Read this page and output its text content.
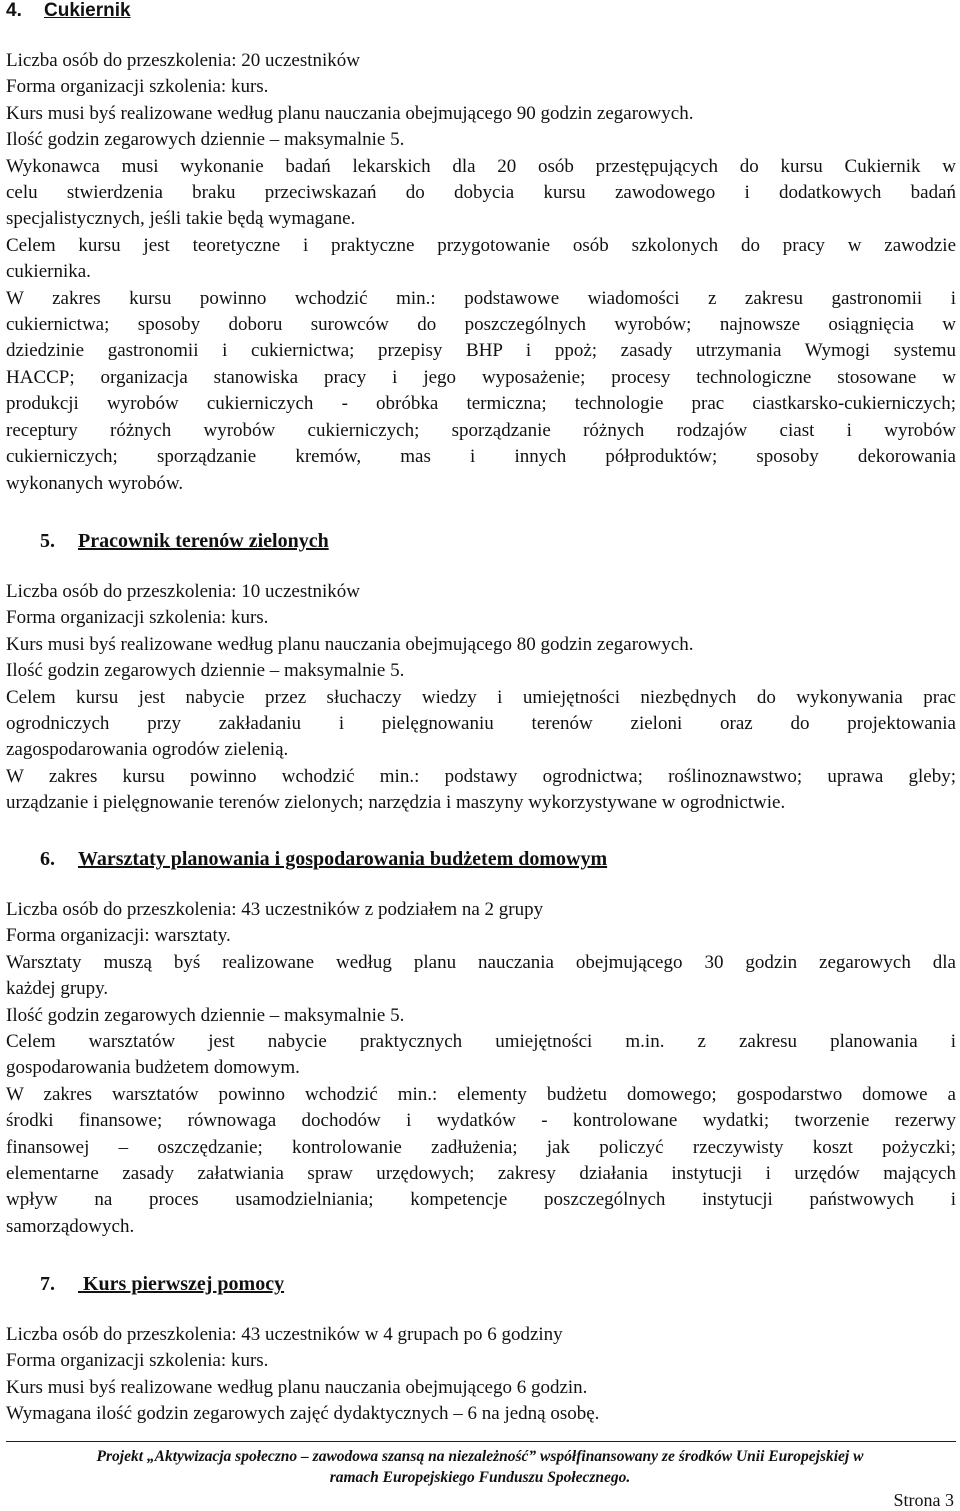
4. Cukiernik
Liczba osób do przeszkolenia: 20 uczestników
Forma organizacji szkolenia: kurs.
Kurs musi byś realizowane według planu nauczania obejmującego 90 godzin zegarowych.
Ilość godzin zegarowych dziennie – maksymalnie 5.
Wykonawca musi wykonanie badań lekarskich dla 20 osób przestępujących do kursu Cukiernik w
celu stwierdzenia braku przeciwskazań do dobycia kursu zawodowego i dodatkowych badań
specjalistycznych, jeśli takie będą wymagane.
Celem kursu jest teoretyczne i praktyczne przygotowanie osób szkolonych do pracy w zawodzie
cukiernika.
W zakres kursu powinno wchodzić min.: podstawowe wiadomości z zakresu gastronomii i
cukiernictwa; sposoby doboru surowców do poszczególnych wyrobów; najnowsze osiągnięcia w
dziedzinie gastronomii i cukiernictwa; przepisy BHP i ppoż; zasady utrzymania Wymogi systemu
HACCP; organizacja stanowiska pracy i jego wyposażenie; procesy technologiczne stosowane w
produkcji wyrobów cukierniczych - obróbka termiczna; technologie prac ciastkarsko-cukierniczych;
receptury różnych wyrobów cukierniczych; sporządzanie różnych rodzajów ciast i wyrobów
cukierniczych; sporządzanie kremów, mas i innych półproduktów; sposoby dekorowania
wykonanych wyrobów.
5. Pracownik terenów zielonych
Liczba osób do przeszkolenia: 10 uczestników
Forma organizacji szkolenia: kurs.
Kurs musi byś realizowane według planu nauczania obejmującego 80 godzin zegarowych.
Ilość godzin zegarowych dziennie – maksymalnie 5.
Celem kursu jest nabycie przez słuchaczy wiedzy i umiejętności niezbędnych do wykonywania prac
ogrodniczych przy zakładaniu i pielęgnowaniu terenów zieloni oraz do projektowania
zagospodarowania ogrodów zielenią.
W zakres kursu powinno wchodzić min.: podstawy ogrodnictwa; roślinoznawstwo; uprawa gleby;
urządzanie i pielęgnowanie terenów zielonych; narzędzia i maszyny wykorzystywane w ogrodnictwie.
6. Warsztaty planowania i gospodarowania budżetem domowym
Liczba osób do przeszkolenia: 43 uczestników z podziałem na 2 grupy
Forma organizacji: warsztaty.
Warsztaty muszą byś realizowane według planu nauczania obejmującego 30 godzin zegarowych dla
każdej grupy.
Ilość godzin zegarowych dziennie – maksymalnie 5.
Celem warsztatów jest nabycie praktycznych umiejętności m.in. z zakresu planowania i
gospodarowania budżetem domowym.
W zakres warsztatów powinno wchodzić min.: elementy budżetu domowego; gospodarstwo domowe a
środki finansowe; równowaga dochodów i wydatków - kontrolowane wydatki; tworzenie rezerwy
finansowej – oszczędzanie; kontrolowanie zadłużenia; jak policzyć rzeczywisty koszt pożyczki;
elementarne zasady załatwiania spraw urzędowych; zakresy działania instytucji i urzędów mających
wpływ na proces usamodzielniania; kompetencje poszczególnych instytucji państwowych i
samorządowych.
7. Kurs pierwszej pomocy
Liczba osób do przeszkolenia: 43 uczestników w 4 grupach po 6 godziny
Forma organizacji szkolenia: kurs.
Kurs musi byś realizowane według planu nauczania obejmującego 6 godzin.
Wymagana ilość godzin zegarowych zajęć dydaktycznych – 6 na jedną osobę.
Projekt „Aktywizacja społeczno – zawodowa szansą na niezależność” współfinansowany ze środków Unii Europejskiej w
ramach Europejskiego Funduszu Społecznego.
Strona 3
